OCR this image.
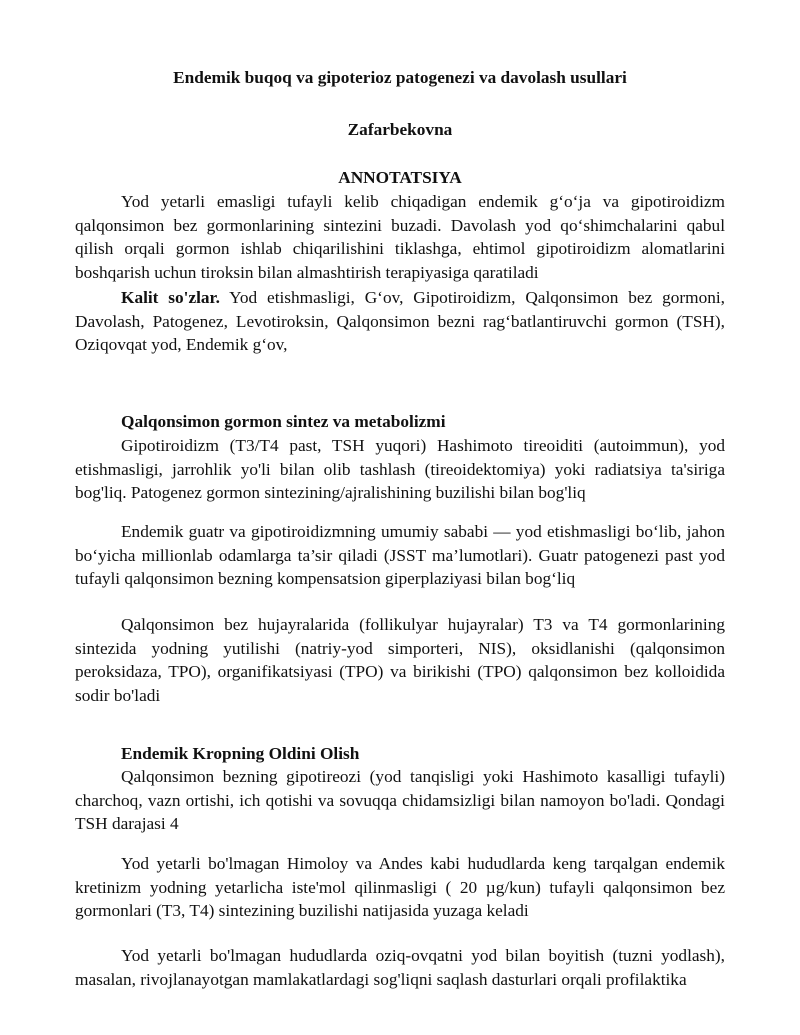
Endemik buqoq va gipoterioz patogenezi va davolash usullari

Zafarbekovna

ANNOTATSIYA

Yod yetarli emasligi tufayli kelib chiqadigan endemik g‘o‘ja va gipotiroidizm qalqonsimon bez gormonlarining sintezini buzadi. Davolash yod qo‘shimchalarini qabul qilish orqali gormon ishlab chiqarilishini tiklashga, ehtimol gipotiroidizm alomatlarini boshqarish uchun tiroksin bilan almashtirish terapiyasiga qaratiladi

Kalit so'zlar. Yod etishmasligi, G‘ov, Gipotiroidizm, Qalqonsimon bez gormoni, Davolash, Patogenez, Levotiroksin, Qalqonsimon bezni rag‘batlantiruvchi gormon (TSH), Oziqovqat yod, Endemik g‘ov,

Qalqonsimon gormon sintez va metabolizmi

Gipotiroidizm (T3/T4 past, TSH yuqori) Hashimoto tireoiditi (autoimmun), yod etishmasligi, jarrohlik yo'li bilan olib tashlash (tireoidektomiya) yoki radiatsiya ta'siriga bog'liq. Patogenez gormon sintezining/ajralishining buzilishi bilan bog'liq

Endemik guatr va gipotiroidizmning umumiy sababi — yod etishmasligi bo‘lib, jahon bo‘yicha millionlab odamlarga ta’sir qiladi (JSST ma’lumotlari). Guatr patogenezi past yod tufayli qalqonsimon bezning kompensatsion giperplaziyasi bilan bog‘liq

Qalqonsimon bez hujayralarida (follikulyar hujayralar) T3 va T4 gormonlarining sintezida yodning yutilishi (natriy-yod simporteri, NIS), oksidlanishi (qalqonsimon peroksidaza, TPO), organifikatsiyasi (TPO) va birikishi (TPO) qalqonsimon bez kolloidida sodir bo'ladi

Endemik Kropning Oldini Olish

Qalqonsimon bezning gipotireozi (yod tanqisligi yoki Hashimoto kasalligi tufayli) charchoq, vazn ortishi, ich qotishi va sovuqqa chidamsizligi bilan namoyon bo'ladi. Qondagi TSH darajasi 4

Yod yetarli bo'lmagan Himoloy va Andes kabi hududlarda keng tarqalgan endemik kretinizm yodning yetarlicha iste'mol qilinmasligi ( 20 µg/kun) tufayli qalqonsimon bez gormonlari (T3, T4) sintezining buzilishi natijasida yuzaga keladi

Yod yetarli bo'lmagan hududlarda oziq-ovqatni yod bilan boyitish (tuzni yodlash), masalan, rivojlanayotgan mamlakatlardagi sog'liqni saqlash dasturlari orqali profilaktika
